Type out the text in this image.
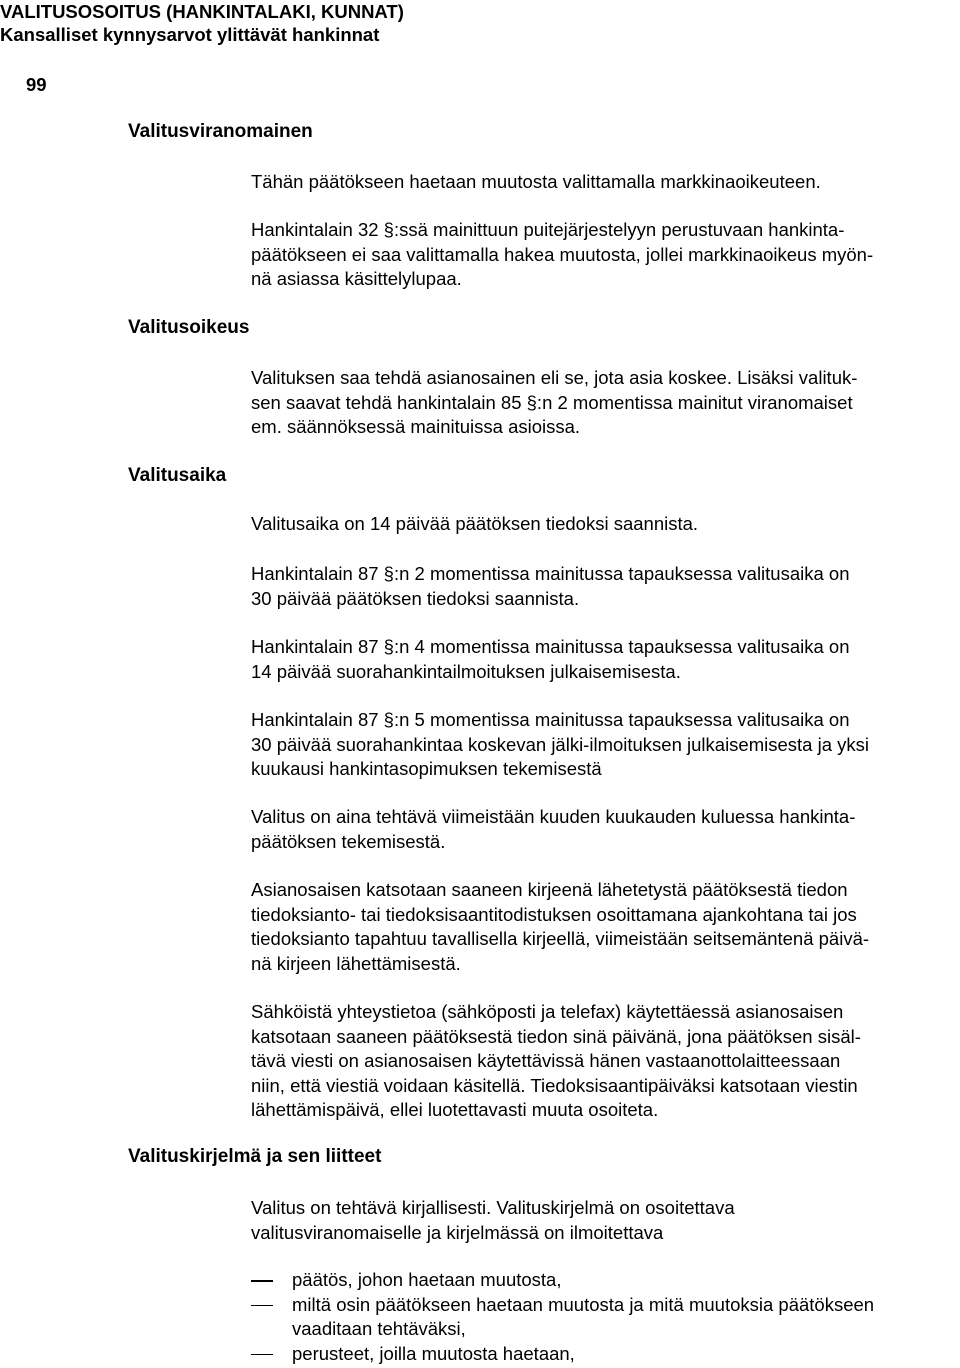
VALITUSOSOITUS (HANKINTALAKI, KUNNAT)
Kansalliset kynnysarvot ylittävät hankinnat
99
Valitusviranomainen
Valitusoikeus
Valitusaika
Valituskirjelmä ja sen liitteet
Tähän päätökseen haetaan muutosta valittamalla markkinaoikeuteen.
Hankintalain 32 §:ssä mainittuun puitejärjestelyyn perustuvaan hankinta-
päätökseen ei saa valittamalla hakea muutosta, jollei markkinaoikeus myön-
nä asiassa käsittelylupaa.
Valituksen saa tehdä asianosainen eli se, jota asia koskee. Lisäksi valituk-
sen saavat tehdä hankintalain 85 §:n 2 momentissa mainitut viranomaiset
em. säännöksessä mainituissa asioissa.
Valitusaika on 14 päivää päätöksen tiedoksi saannista.
Hankintalain 87 §:n 2 momentissa mainitussa tapauksessa valitusaika on
30 päivää päätöksen tiedoksi saannista.
Hankintalain 87 §:n 4 momentissa mainitussa tapauksessa valitusaika on
14 päivää suorahankintailmoituksen julkaisemisesta.
Hankintalain 87 §:n 5 momentissa mainitussa tapauksessa valitusaika on
30 päivää suorahankintaa koskevan jälki-ilmoituksen julkaisemisesta ja yksi
kuukausi hankintasopimuksen tekemisestä
Valitus on aina tehtävä viimeistään kuuden kuukauden kuluessa hankinta-
päätöksen tekemisestä.
Asianosaisen katsotaan saaneen kirjeenä lähetetystä päätöksestä tiedon
tiedoksianto- tai tiedoksisaantitodistuksen osoittamana ajankohtana tai jos
tiedoksianto tapahtuu tavallisella kirjeellä, viimeistään seitsemäntenä päivä-
nä kirjeen lähettämisestä.
Sähköistä yhteystietoa (sähköposti ja telefax) käytettäessä asianosaisen
katsotaan saaneen päätöksestä tiedon sinä päivänä, jona päätöksen sisäl-
tävä viesti on asianosaisen käytettävissä hänen vastaanottolaitteessaan
niin, että viestiä voidaan käsitellä. Tiedoksisaantipäiväksi katsotaan viestin
lähettämispäivä, ellei luotettavasti muuta osoiteta.
Valitus on tehtävä kirjallisesti. Valituskirjelmä on osoitettava
valitusviranomaiselle ja kirjelmässä on ilmoitettava
päätös, johon haetaan muutosta,
miltä osin päätökseen haetaan muutosta ja mitä muutoksia päätökseen
vaaditaan tehtäväksi,
perusteet, joilla muutosta haetaan,
